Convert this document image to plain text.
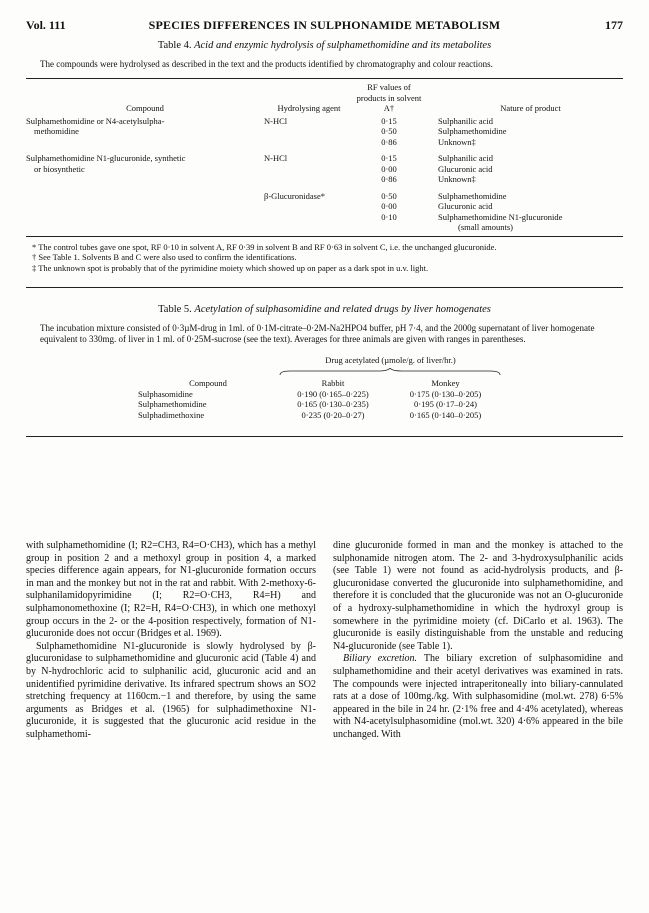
Vol. 111	SPECIES DIFFERENCES IN SULPHONAMIDE METABOLISM	177
Table 4. Acid and enzymic hydrolysis of sulphamethomidine and its metabolites
The compounds were hydrolysed as described in the text and the products identified by chromatography and colour reactions.
Compound	Hydrolysing agent	RF values of products in solvent A†	Nature of product
Sulphamethomidine or N4-acetylsulpha-	N-HCl	0·15	Sulphanilic acid
methomidine		0·50	Sulphamethomidine
		0·86	Unknown‡

Sulphamethomidine N1-glucuronide, synthetic	N-HCl	0·15	Sulphanilic acid
or biosynthetic		0·00	Glucuronic acid
		0·86	Unknown‡

	β-Glucuronidase*	0·50	Sulphamethomidine
		0·00	Glucuronic acid
		0·10	Sulphamethomidine N1-glucuronide
			(small amounts)

* The control tubes gave one spot, RF 0·10 in solvent A, RF 0·39 in solvent B and RF 0·63 in solvent C, i.e. the unchanged glucuronide.

† See Table 1. Solvents B and C were also used to confirm the identifications.

‡ The unknown spot is probably that of the pyrimidine moiety which showed up on paper as a dark spot in u.v. light.

Table 5. Acetylation of sulphasomidine and related drugs by liver homogenates
The incubation mixture consisted of 0·3µM-drug in 1ml. of 0·1M-citrate–0·2M-Na2HPO4 buffer, pH 7·4, and the 2000g supernatant of liver homogenate equivalent to 330mg. of liver in 1 ml. of 0·25M-sucrose (see the text). Averages for three animals are given with ranges in parentheses.
	Drug acetylated (µmole/g. of liver/hr.)	

Compound	Rabbit	Monkey
Sulphasomidine	0·190 (0·165–0·225)	0·175 (0·130–0·205)
Sulphamethomidine	0·165 (0·130–0·235)	0·195 (0·17–0·24)
Sulphadimethoxine	0·235 (0·20–0·27)	0·165 (0·140–0·205)

with sulphamethomidine (I; R2=CH3, R4=O·CH3), which has a methyl group in position 2 and a methoxyl group in position 4, a marked species difference again appears, for N1-glucuronide formation occurs in man and the monkey but not in the rat and rabbit. With 2-methoxy-6-sulphanilamidopyrimidine (I; R2=O·CH3, R4=H) and sulphamonomethoxine (I; R2=H, R4=O·CH3), in which one methoxyl group occurs in the 2- or the 4-position respectively, formation of N1-glucuronide does not occur (Bridges et al. 1969).

Sulphamethomidine N1-glucuronide is slowly hydrolysed by β-glucuronidase to sulphamethomidine and glucuronic acid (Table 4) and by N-hydrochloric acid to sulphanilic acid, glucuronic acid and an unidentified pyrimidine derivative. Its infrared spectrum shows an SO2 stretching frequency at 1160cm.−1 and therefore, by using the same arguments as Bridges et al. (1965) for sulphadimethoxine N1-glucuronide, it is suggested that the glucuronic acid residue in the sulphamethomi-

dine glucuronide formed in man and the monkey is attached to the sulphonamide nitrogen atom. The 2- and 3-hydroxysulphanilic acids (see Table 1) were not found as acid-hydrolysis products, and β-glucuronidase converted the glucuronide into sulphamethomidine, and therefore it is concluded that the glucuronide was not an O-glucuronide of a hydroxy-sulphamethomidine in which the hydroxyl group is somewhere in the pyrimidine moiety (cf. DiCarlo et al. 1963). The glucuronide is easily distinguishable from the unstable and reducing N4-glucuronide (see Table 1).

Biliary excretion. The biliary excretion of sulphasomidine and sulphamethomidine and their acetyl derivatives was examined in rats. The compounds were injected intraperitoneally into biliary-cannulated rats at a dose of 100mg./kg. With sulphasomidine (mol.wt. 278) 6·5% appeared in the bile in 24 hr. (2·1% free and 4·4% acetylated), whereas with N4-acetylsulphasomidine (mol.wt. 320) 4·6% appeared in the bile unchanged. With
